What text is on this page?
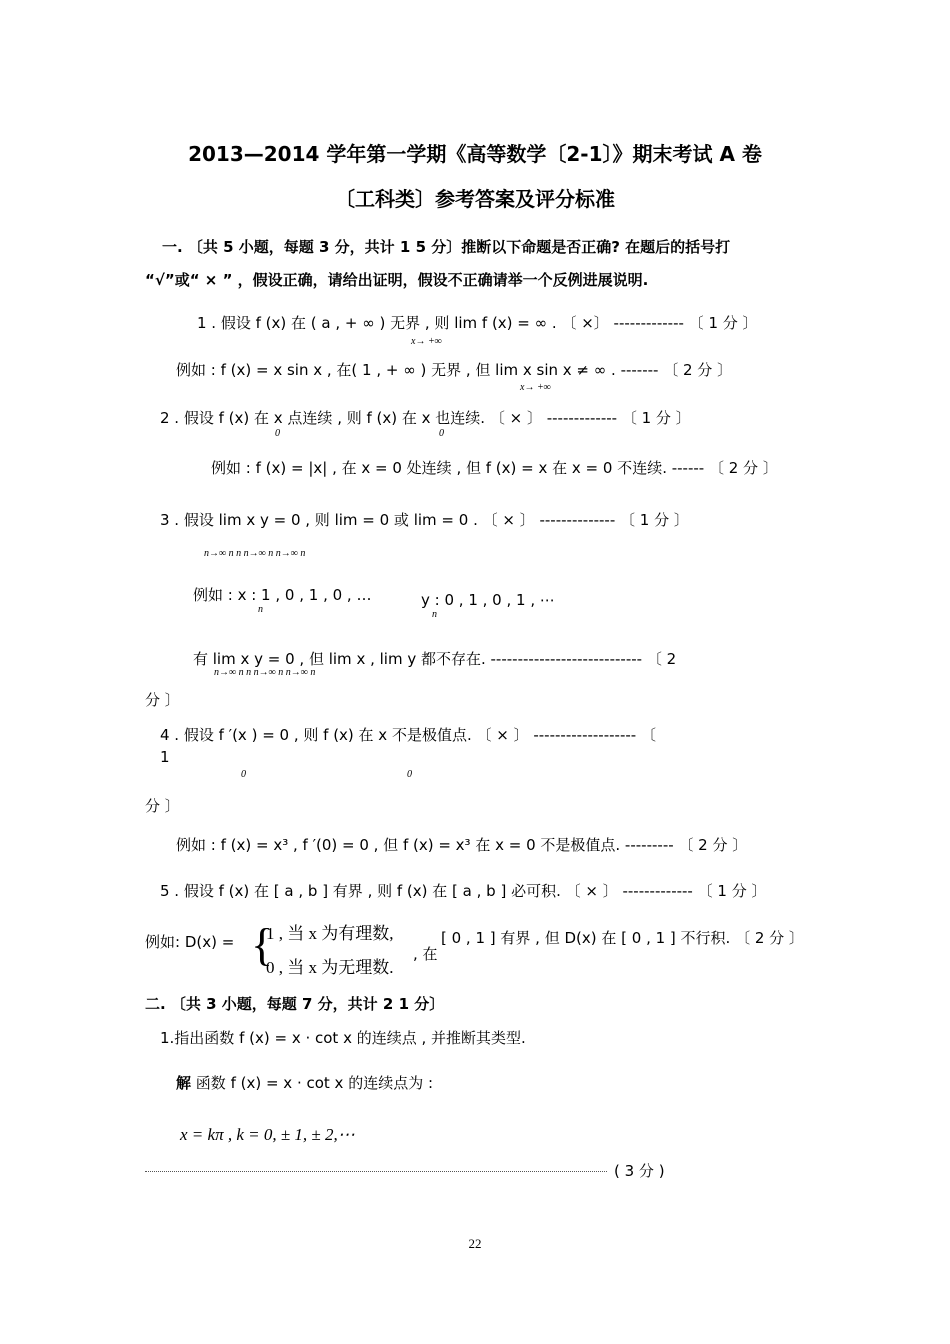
2013—2014 学年第一学期《高等数学〔2-1〕》期末考试 A 卷
〔工科类〕参考答案及评分标准
一. 〔共 5 小题，每题 3 分，共计 1 5 分〕推断以下命题是否正确? 在题后的括号打
“√”或“ × ” ，假设正确，请给出证明，假设不正确请举一个反例进展说明.
1 . 假设 f (x) 在 ( a , + ∞ ) 无界 , 则 lim f (x) = ∞ . 〔 ×〕 ------------- 〔 1 分 〕
x→ +∞
例如 : f (x) = x sin x , 在( 1 , + ∞ ) 无界 , 但 lim x sin x ≠ ∞ . ------- 〔 2 分 〕
x→ +∞
2 . 假设 f (x) 在 x 点连续 , 则 f (x) 在 x 也连续. 〔 × 〕 ------------- 〔 1 分 〕
0	0
例如 : f (x) = |x| , 在 x = 0 处连续 , 但 f (x) = x 在 x = 0 不连续. ------ 〔 2 分 〕
3 . 假设 lim x y = 0 , 则 lim = 0 或 lim = 0 . 〔 × 〕 -------------- 〔 1 分 〕
n→∞ n n n→∞ n n→∞ n
例如 : x : 1 , 0 , 1 , 0 , …
n
y : 0 , 1 , 0 , 1 , ⋯
n
有 lim x y = 0 , 但 lim x , lim y 都不存在. ---------------------------- 〔 2
n→∞ n n n→∞ n n→∞ n
分 〕
4 . 假设 f ′(x ) = 0 , 则 f (x) 在 x 不是极值点. 〔 × 〕 ------------------- 〔
1
0	0
分 〕
例如 : f (x) = x³ , f ′(0) = 0 , 但 f (x) = x³ 在 x = 0 不是极值点. --------- 〔 2 分 〕
5 . 假设 f (x) 在 [ a , b ] 有界 , 则 f (x) 在 [ a , b ] 必可积. 〔 × 〕 ------------- 〔 1 分 〕
例如: D(x) = {
1 , 当 x 为有理数,
0 , 当 x 为无理数.
, 在
[ 0 , 1 ] 有界 , 但 D(x) 在 [ 0 , 1 ] 不行积. 〔 2 分 〕
二. 〔共 3 小题，每题 7 分，共计 2 1 分〕
1.指出函数 f (x) = x · cot x 的连续点 , 并推断其类型.
解 函数 f (x) = x · cot x 的连续点为 :
x = kπ , k = 0, ± 1, ± 2,⋯
( 3 分 )
22
